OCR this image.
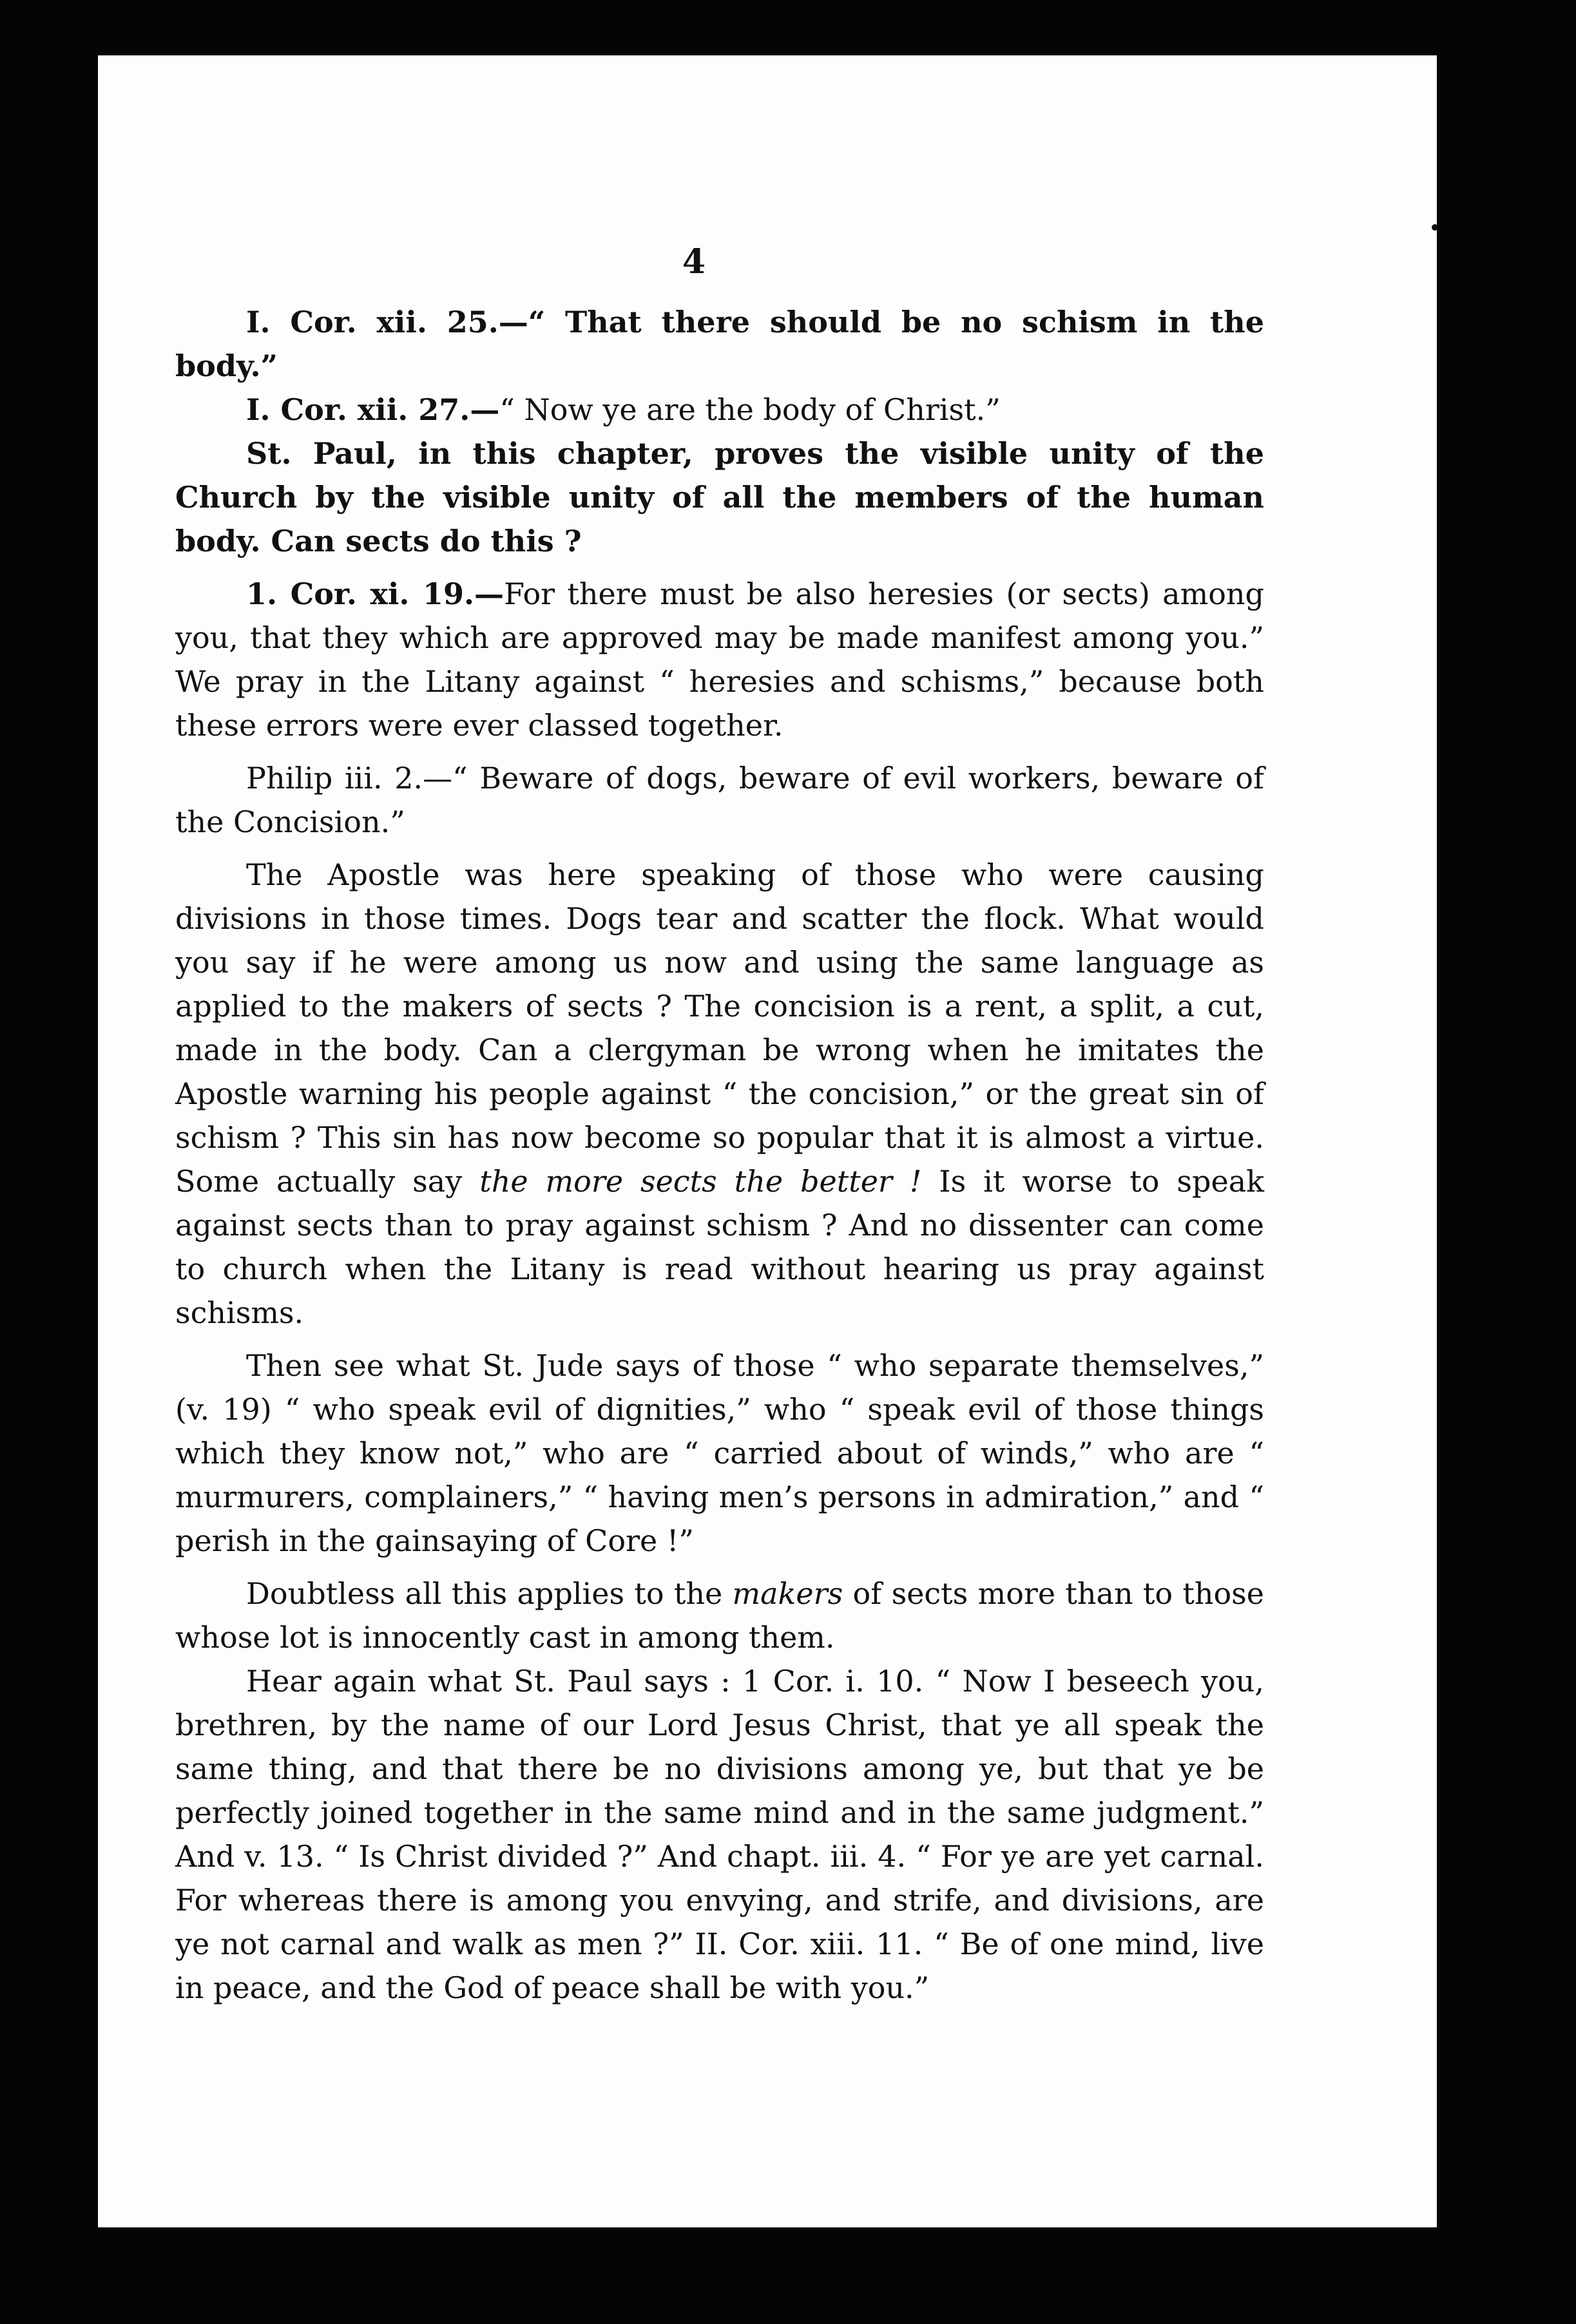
4

I. Cor. xii. 25.—“ That there should be no schism in the body.”

I. Cor. xii. 27.—“ Now ye are the body of Christ.”

St. Paul, in this chapter, proves the visible unity of the Church by the visible unity of all the members of the human body. Can sects do this ?

1. Cor. xi. 19.—For there must be also heresies (or sects) among you, that they which are approved may be made manifest among you.” We pray in the Litany against “ heresies and schisms,” because both these errors were ever classed together.

Philip iii. 2.—“ Beware of dogs, beware of evil workers, beware of the Concision.”

The Apostle was here speaking of those who were causing divisions in those times. Dogs tear and scatter the flock. What would you say if he were among us now and using the same language as applied to the makers of sects ? The concision is a rent, a split, a cut, made in the body. Can a clergyman be wrong when he imitates the Apostle warning his people against “ the concision,” or the great sin of schism ? This sin has now become so popular that it is almost a virtue. Some actually say the more sects the better ! Is it worse to speak against sects than to pray against schism ? And no dissenter can come to church when the Litany is read without hearing us pray against schisms.

Then see what St. Jude says of those “ who separate themselves,” (v. 19) “ who speak evil of dignities,” who “ speak evil of those things which they know not,” who are “ carried about of winds,” who are “ murmurers, complainers,” “ having men’s persons in admiration,” and “ perish in the gainsaying of Core !”

Doubtless all this applies to the makers of sects more than to those whose lot is innocently cast in among them.

Hear again what St. Paul says : 1 Cor. i. 10. “ Now I beseech you, brethren, by the name of our Lord Jesus Christ, that ye all speak the same thing, and that there be no divisions among ye, but that ye be perfectly joined together in the same mind and in the same judgment.” And v. 13. “ Is Christ divided ?” And chapt. iii. 4. “ For ye are yet carnal. For whereas there is among you envying, and strife, and divisions, are ye not carnal and walk as men ?” II. Cor. xiii. 11. “ Be of one mind, live in peace, and the God of peace shall be with you.”
